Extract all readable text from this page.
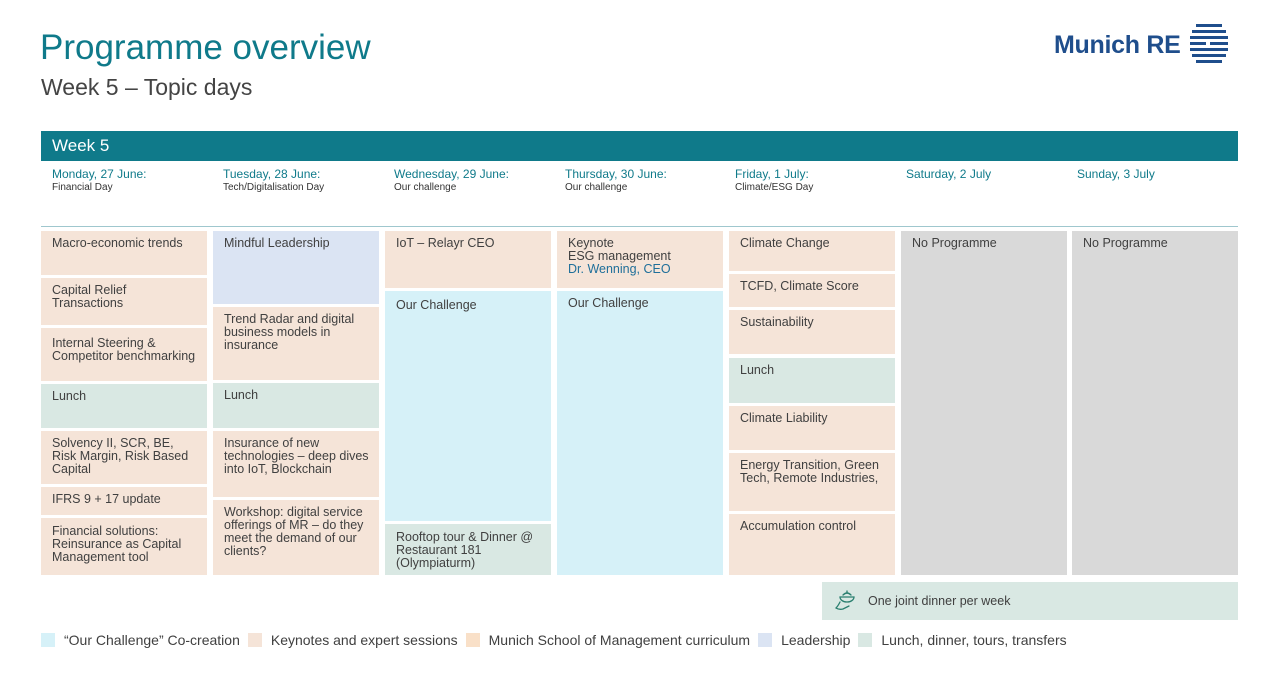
Programme overview
Week 5 – Topic days
Munich RE
Week 5
Monday, 27 June:
Financial Day
Tuesday, 28 June:
Tech/Digitalisation Day
Wednesday, 29 June:
Our challenge
Thursday, 30 June:
Our challenge
Friday, 1 July:
Climate/ESG Day
Saturday, 2 July	Sunday, 3 July
Macro-economic trends
Capital Relief Transactions
Internal Steering & Competitor benchmarking
Lunch
Solvency II, SCR, BE, Risk Margin, Risk Based Capital
IFRS 9 + 17 update
Financial solutions: Reinsurance as Capital Management tool
Mindful Leadership
Trend Radar and digital business models in insurance
Lunch
Insurance of new technologies – deep dives into IoT, Blockchain
Workshop: digital service offerings of MR – do they meet the demand of our clients?
IoT – Relayr CEO
Our Challenge
Rooftop tour & Dinner @ Restaurant 181 (Olympiaturm)
Keynote
ESG management
Dr. Wenning, CEO
Our Challenge
Climate Change
TCFD, Climate Score
Sustainability
Lunch
Climate Liability
Energy Transition, Green Tech, Remote Industries,
Accumulation control
No Programme	No Programme
One joint dinner per week
“Our Challenge” Co-creation Keynotes and expert sessions Munich School of Management curriculum Leadership Lunch, dinner, tours, transfers
